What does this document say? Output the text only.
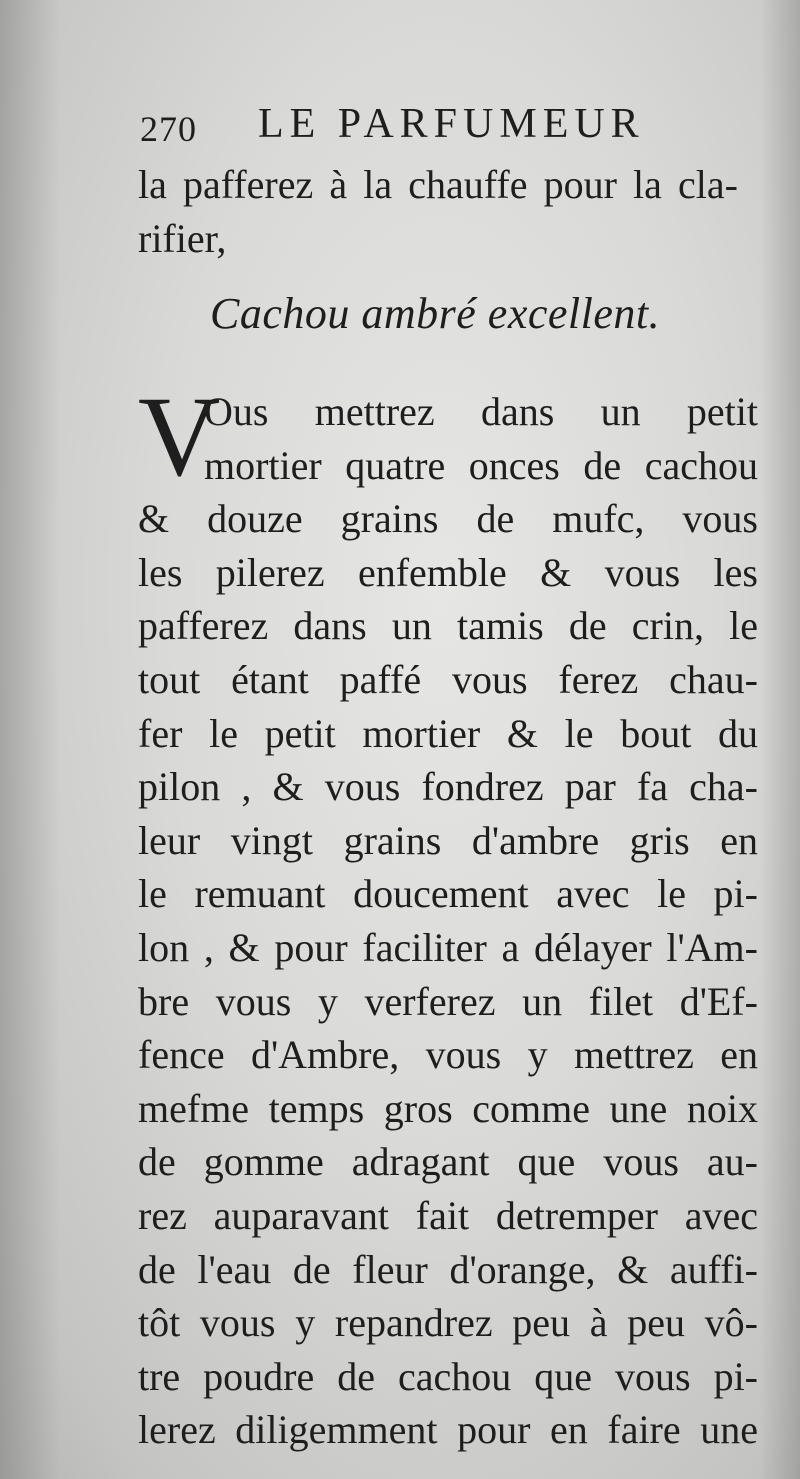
270 LE PARFUMEUR
la pafferez à la chauffe pour la cla-
rifier,
Cachou ambré excellent.
V
Ous mettrez dans un petit
mortier quatre onces de cachou
& douze grains de mufc, vous
les pilerez enfemble & vous les
pafferez dans un tamis de crin, le
tout étant paffé vous ferez chau-
fer le petit mortier & le bout du
pilon , & vous fondrez par fa cha-
leur vingt grains d'ambre gris en
le remuant doucement avec le pi-
lon , & pour faciliter a délayer l'Am-
bre vous y verferez un filet d'Ef-
fence d'Ambre, vous y mettrez en
mefme temps gros comme une noix
de gomme adragant que vous au-
rez auparavant fait detremper avec
de l'eau de fleur d'orange, & auffi-
tôt vous y repandrez peu à peu vô-
tre poudre de cachou que vous pi-
lerez diligemment pour en faire une
